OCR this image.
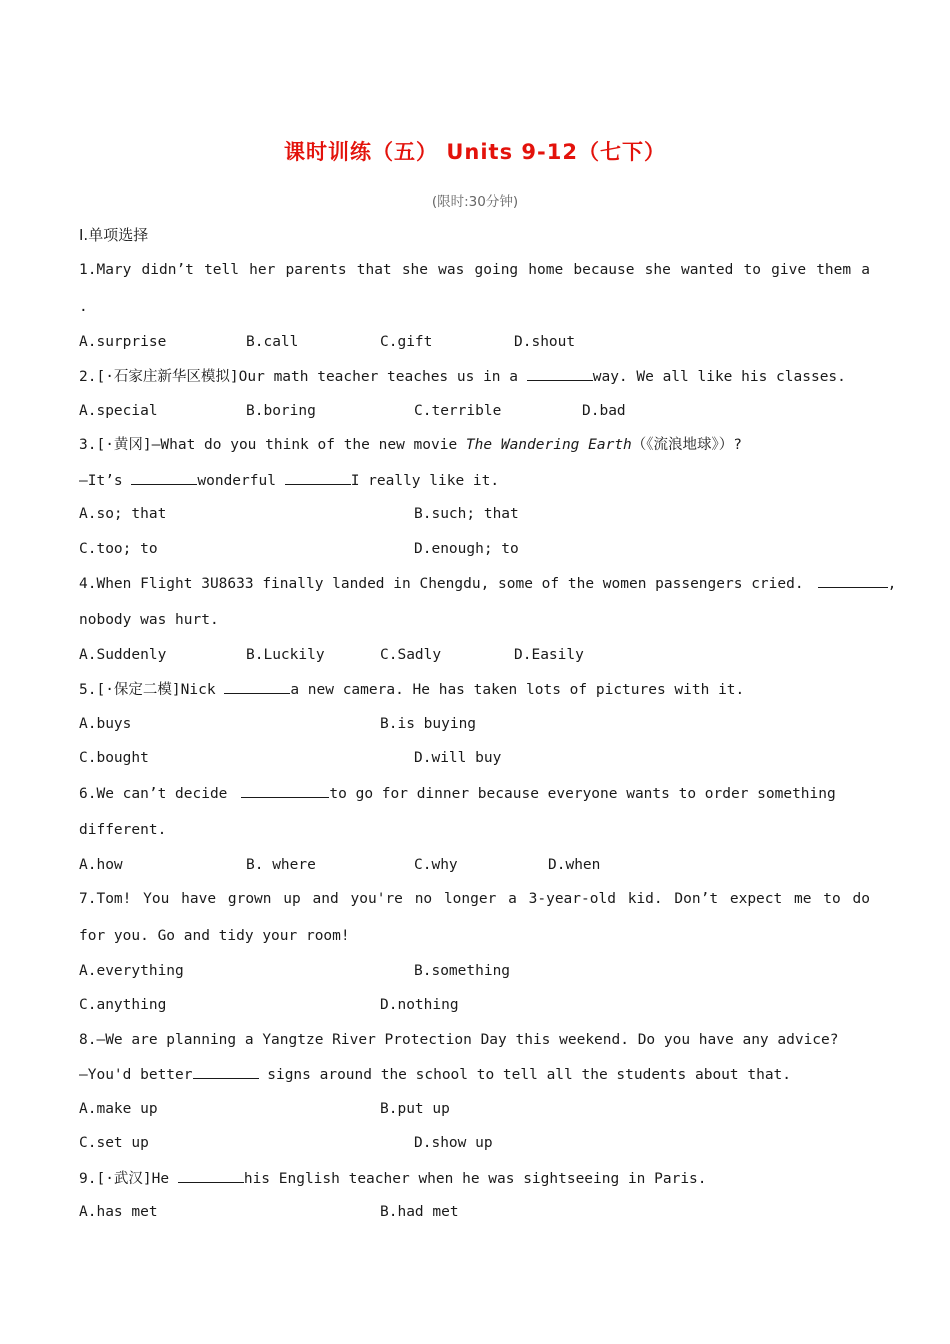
课时训练（五） Units 9-12（七下）
(限时:30分钟)
Ⅰ.单项选择
1.Mary didn’t tell her parents that she was going home because she wanted to give them a
.
A.surprise	B.call	C.gift	D.shout
2.[·石家庄新华区模拟]Our math teacher teaches us in a	way. We all like his classes.
A.special	B.boring	C.terrible	D.bad
3.[·黄冈]—What do you think of the new movie The Wandering Earth（《流浪地球》）?
—It’s	wonderful	I really like it.
A.so; that	B.such; that
C.too; to	D.enough; to
4.When Flight 3U8633 finally landed in Chengdu, some of the women passengers cried.	,
nobody was hurt.
A.Suddenly	B.Luckily	C.Sadly	D.Easily
5.[·保定二模]Nick	a new camera. He has taken lots of pictures with it.
A.buys	B.is buying
C.bought	D.will buy
6.We can’t decide	to go for dinner because everyone wants to order something
different.
A.how	B. where	C.why	D.when
7.Tom! You have grown up and you're no longer a 3-year-old kid. Don’t expect me to do
for you. Go and tidy your room!
A.everything	B.something
C.anything	D.nothing
8.—We are planning a Yangtze River Protection Day this weekend. Do you have any advice?
—You'd better	signs around the school to tell all the students about that.
A.make up	B.put up
C.set up	D.show up
9.[·武汉]He	his English teacher when he was sightseeing in Paris.
A.has met	B.had met
